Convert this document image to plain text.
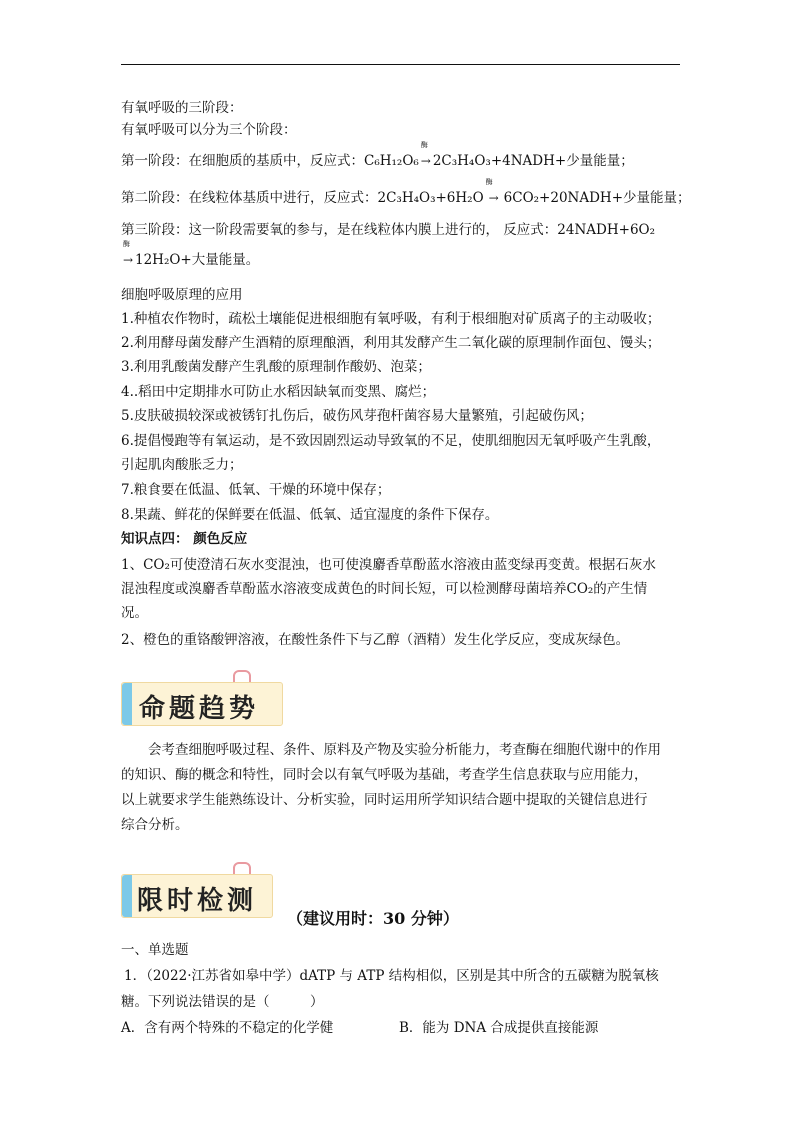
有氧呼吸的三阶段：
有氧呼吸可以分为三个阶段：
第一阶段：在细胞质的基质中，反应式：C₆H₁₂O₆
酶
→ 2C₃H₄O₃+4NADH+少量能量；
第二阶段：在线粒体基质中进行，反应式：2C₃H₄O₃+6H₂O
酶
→ 6CO₂+20NADH+少量能量；
第三阶段：这一阶段需要氧的参与，是在线粒体内膜上进行的， 反应式：24NADH+6O₂
酶
→ 12H₂O+大量能量。
细胞呼吸原理的应用
1.种植农作物时，疏松土壤能促进根细胞有氧呼吸，有利于根细胞对矿质离子的主动吸收；
2.利用酵母菌发酵产生酒精的原理酿酒，利用其发酵产生二氧化碳的原理制作面包、馒头；
3.利用乳酸菌发酵产生乳酸的原理制作酸奶、泡菜；
4..稻田中定期排水可防止水稻因缺氧而变黑、腐烂；
5.皮肤破损较深或被锈钉扎伤后，破伤风芽孢杆菌容易大量繁殖，引起破伤风；
6.提倡慢跑等有氧运动，是不致因剧烈运动导致氧的不足，使肌细胞因无氧呼吸产生乳酸，
引起肌肉酸胀乏力；
7.粮食要在低温、低氧、干燥的环境中保存；
8.果蔬、鲜花的保鲜要在低温、低氧、适宜湿度的条件下保存。
知识点四： 颜色反应
1、CO₂可使澄清石灰水变混浊，也可使溴麝香草酚蓝水溶液由蓝变绿再变黄。根据石灰水
混浊程度或溴麝香草酚蓝水溶液变成黄色的时间长短，可以检测酵母菌培养CO₂的产生情
况。
2、橙色的重铬酸钾溶液，在酸性条件下与乙醇（酒精）发生化学反应，变成灰绿色。
命题趋势
会考查细胞呼吸过程、条件、原料及产物及实验分析能力，考查酶在细胞代谢中的作用
的知识、酶的概念和特性，同时会以有氧气呼吸为基础，考查学生信息获取与应用能力，
以上就要求学生能熟练设计、分析实验，同时运用所学知识结合题中提取的关键信息进行
综合分析。
限时检测
（建议用时：30 分钟）
一、单选题
1．（2022·江苏省如皋中学）dATP 与 ATP 结构相似，区别是其中所含的五碳糖为脱氧核
糖。下列说法错误的是（　　　）
A．含有两个特殊的不稳定的化学健	B．能为 DNA 合成提供直接能源
